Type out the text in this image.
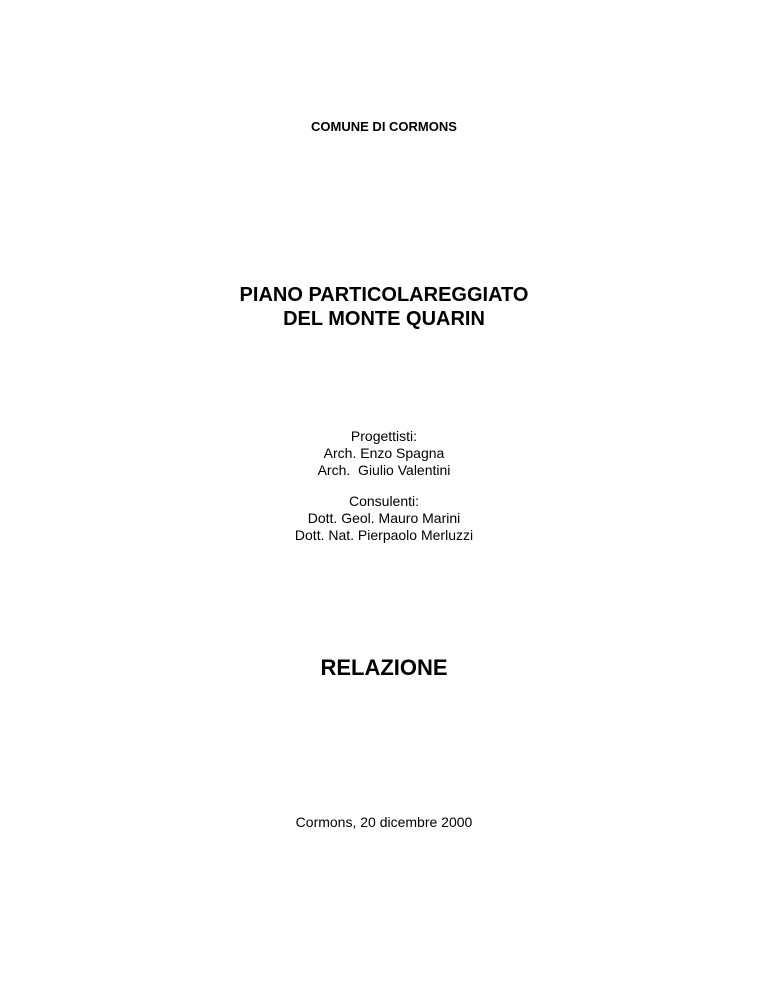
COMUNE DI CORMONS
PIANO PARTICOLAREGGIATO
DEL MONTE QUARIN
Progettisti:
Arch. Enzo Spagna
Arch.  Giulio Valentini
Consulenti:
Dott. Geol. Mauro Marini
Dott. Nat. Pierpaolo Merluzzi
RELAZIONE
Cormons, 20 dicembre 2000
